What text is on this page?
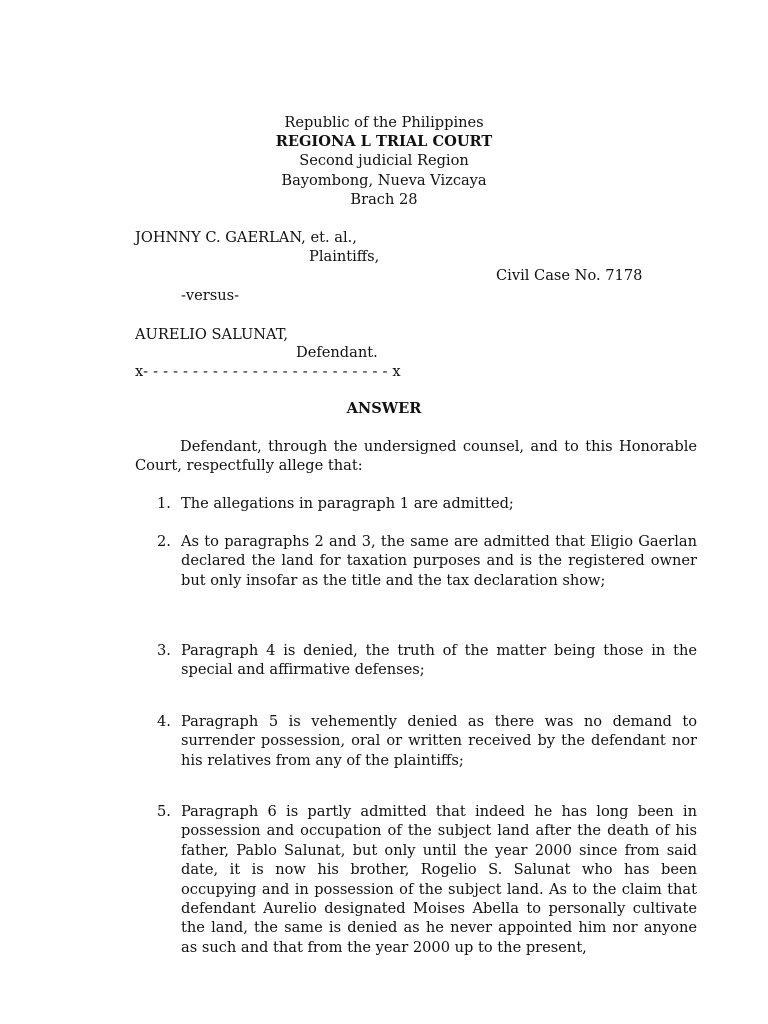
Republic of the Philippines
REGIONA L TRIAL COURT
Second judicial Region
Bayombong, Nueva Vizcaya
Brach 28
JOHNNY C. GAERLAN, et. al.,
Plaintiffs,
Civil Case No. 7178
-versus-
AURELIO SALUNAT,
Defendant.
x- - - - - - - - - - - - - - - - - - - - - - - - - x
ANSWER
Defendant, through the undersigned counsel, and to this Honorable Court, respectfully allege that:
1. The allegations in paragraph 1 are admitted;
2. As to paragraphs 2 and 3, the same are admitted that Eligio Gaerlan declared the land for taxation purposes and is the registered owner but only insofar as the title and the tax declaration show;
3. Paragraph 4 is denied, the truth of the matter being those in the special and affirmative defenses;
4. Paragraph 5 is vehemently denied as there was no demand to surrender possession, oral or written received by the defendant nor his relatives from any of the plaintiffs;
5. Paragraph 6 is partly admitted that indeed he has long been in possession and occupation of the subject land after the death of his father, Pablo Salunat, but only until the year 2000 since from said date, it is now his brother, Rogelio S. Salunat who has been occupying and in possession of the subject land. As to the claim that defendant Aurelio designated Moises Abella to personally cultivate the land, the same is denied as he never appointed him nor anyone as such and that from the year 2000 up to the present,
